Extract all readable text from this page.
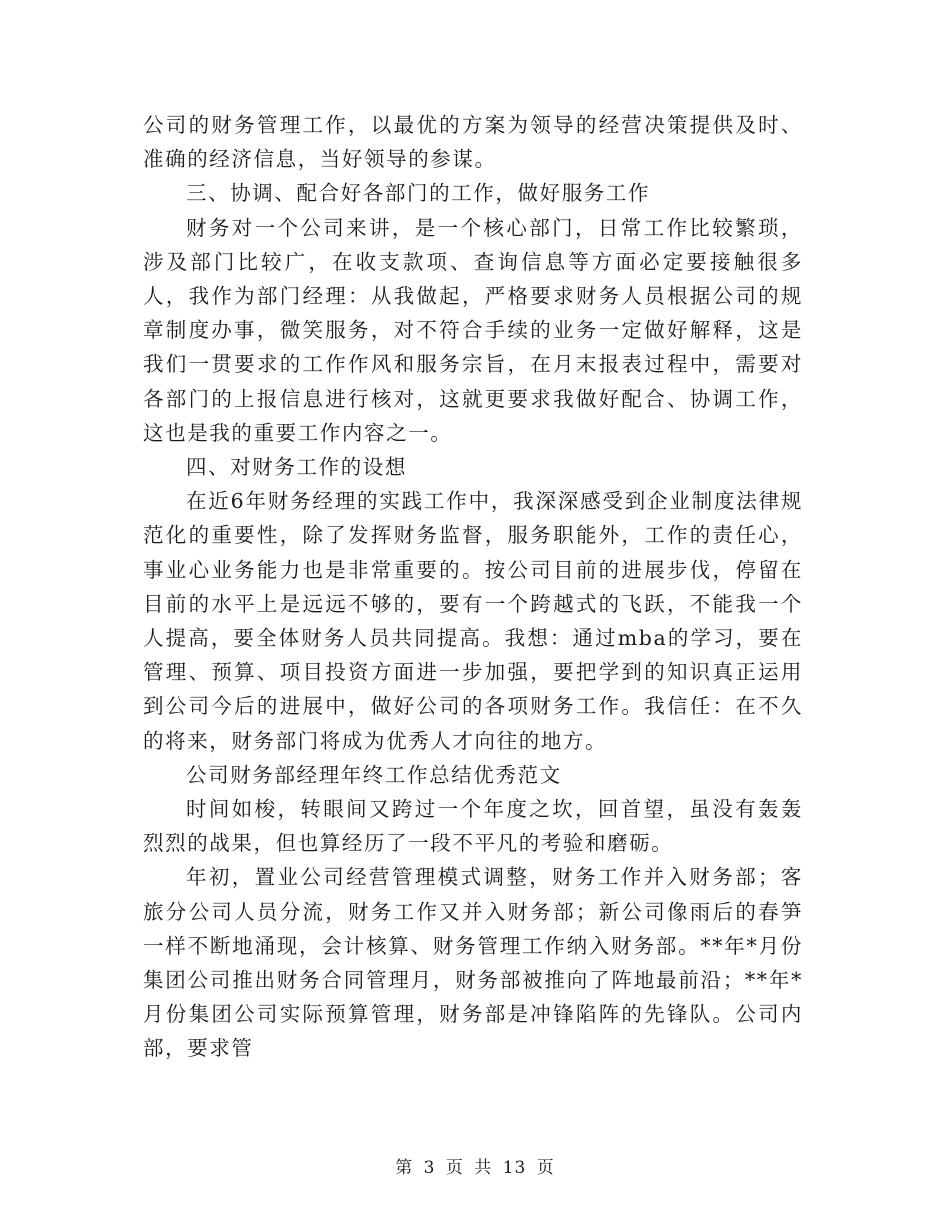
公司的财务管理工作，以最优的方案为领导的经营决策提供及时、准确的经济信息，当好领导的参谋。

三、协调、配合好各部门的工作，做好服务工作

财务对一个公司来讲，是一个核心部门，日常工作比较繁琐，涉及部门比较广，在收支款项、查询信息等方面必定要接触很多人，我作为部门经理：从我做起，严格要求财务人员根据公司的规章制度办事，微笑服务，对不符合手续的业务一定做好解释，这是我们一贯要求的工作作风和服务宗旨，在月末报表过程中，需要对各部门的上报信息进行核对，这就更要求我做好配合、协调工作，这也是我的重要工作内容之一。

四、对财务工作的设想

在近6年财务经理的实践工作中，我深深感受到企业制度法律规范化的重要性，除了发挥财务监督，服务职能外，工作的责任心，事业心业务能力也是非常重要的。按公司目前的进展步伐，停留在目前的水平上是远远不够的，要有一个跨越式的飞跃，不能我一个人提高，要全体财务人员共同提高。我想：通过mba的学习，要在管理、预算、项目投资方面进一步加强，要把学到的知识真正运用到公司今后的进展中，做好公司的各项财务工作。我信任：在不久的将来，财务部门将成为优秀人才向往的地方。

公司财务部经理年终工作总结优秀范文

时间如梭，转眼间又跨过一个年度之坎，回首望，虽没有轰轰烈烈的战果，但也算经历了一段不平凡的考验和磨砺。

年初，置业公司经营管理模式调整，财务工作并入财务部；客旅分公司人员分流，财务工作又并入财务部；新公司像雨后的春笋一样不断地涌现，会计核算、财务管理工作纳入财务部。**年*月份集团公司推出财务合同管理月，财务部被推向了阵地最前沿；**年*月份集团公司实际预算管理，财务部是冲锋陷阵的先锋队。公司内部，要求管

第 3 页 共 13 页
